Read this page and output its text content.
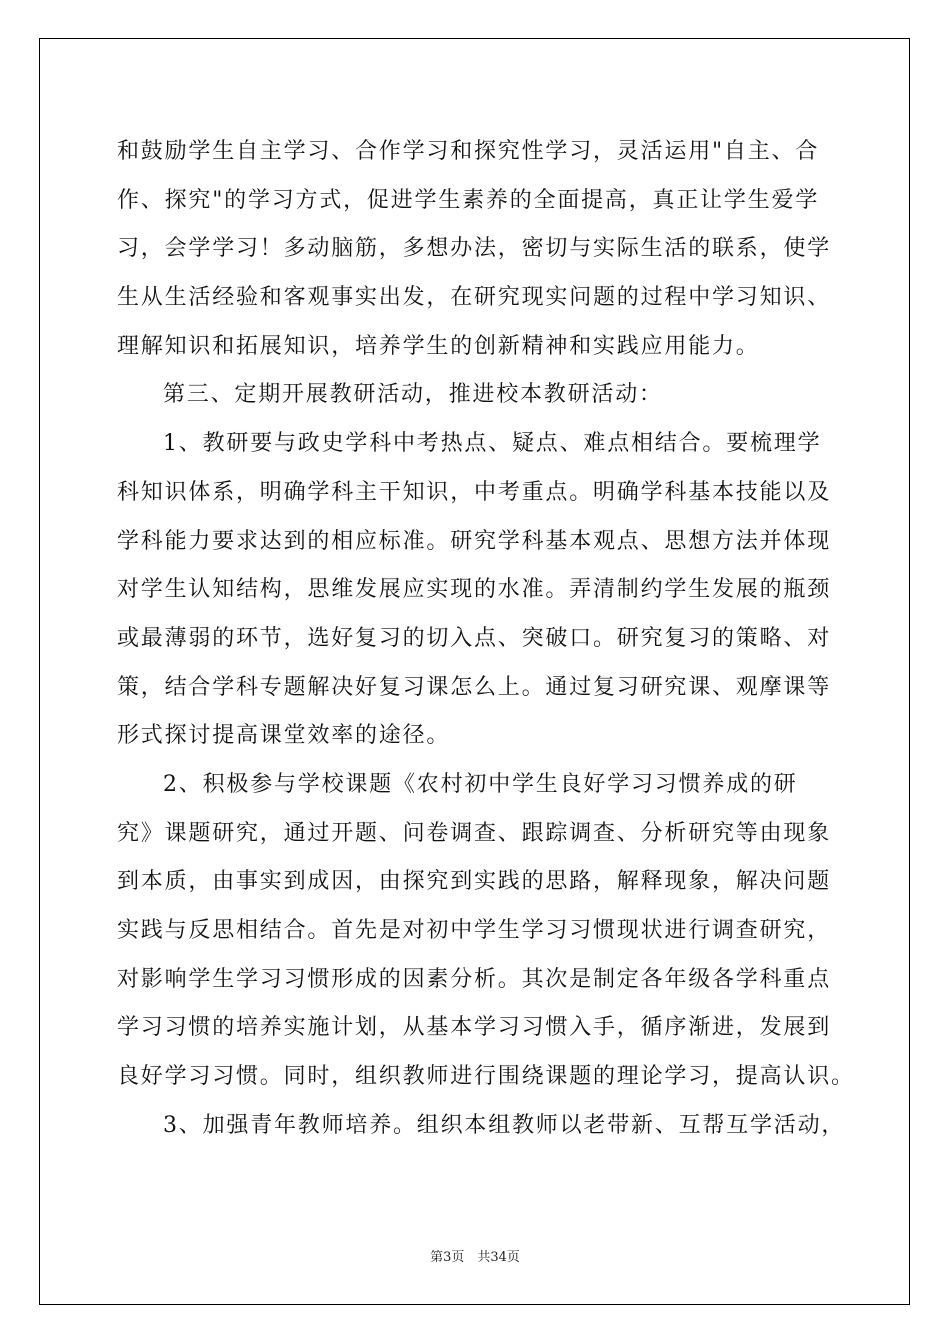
和鼓励学生自主学习、合作学习和探究性学习，灵活运用"自主、合
作、探究"的学习方式，促进学生素养的全面提高，真正让学生爱学
习，会学学习！多动脑筋，多想办法，密切与实际生活的联系，使学
生从生活经验和客观事实出发，在研究现实问题的过程中学习知识、
理解知识和拓展知识，培养学生的创新精神和实践应用能力。
第三、定期开展教研活动，推进校本教研活动：
1、教研要与政史学科中考热点、疑点、难点相结合。要梳理学
科知识体系，明确学科主干知识，中考重点。明确学科基本技能以及
学科能力要求达到的相应标准。研究学科基本观点、思想方法并体现
对学生认知结构，思维发展应实现的水准。弄清制约学生发展的瓶颈
或最薄弱的环节，选好复习的切入点、突破口。研究复习的策略、对
策，结合学科专题解决好复习课怎么上。通过复习研究课、观摩课等
形式探讨提高课堂效率的途径。
2、积极参与学校课题《农村初中学生良好学习习惯养成的研
究》课题研究，通过开题、问卷调查、跟踪调查、分析研究等由现象
到本质，由事实到成因，由探究到实践的思路，解释现象，解决问题
实践与反思相结合。首先是对初中学生学习习惯现状进行调查研究，
对影响学生学习习惯形成的因素分析。其次是制定各年级各学科重点
学习习惯的培养实施计划，从基本学习习惯入手，循序渐进，发展到
良好学习习惯。同时，组织教师进行围绕课题的理论学习，提高认识。
3、加强青年教师培养。组织本组教师以老带新、互帮互学活动，
第3页　共34页
